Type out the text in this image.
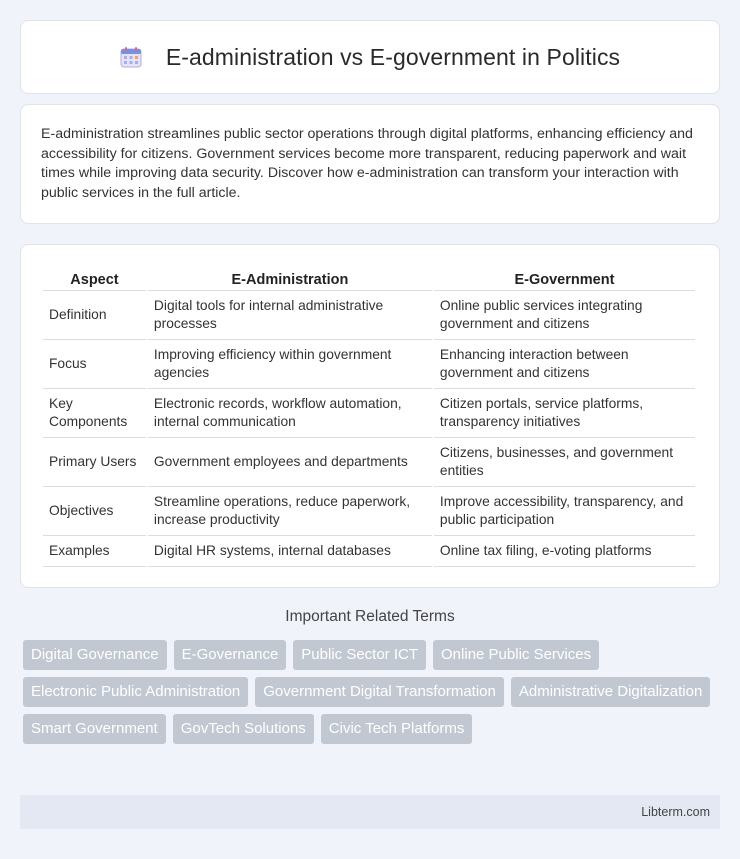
E-administration vs E-government in Politics

E-administration streamlines public sector operations through digital platforms, enhancing efficiency and accessibility for citizens. Government services become more transparent, reducing paperwork and wait times while improving data security. Discover how e-administration can transform your interaction with public services in the full article.

Aspect	E-Administration	E-Government
Definition	Digital tools for internal administrative processes	Online public services integrating government and citizens
Focus	Improving efficiency within government agencies	Enhancing interaction between government and citizens
Key Components	Electronic records, workflow automation, internal communication	Citizen portals, service platforms, transparency initiatives
Primary Users	Government employees and departments	Citizens, businesses, and government entities
Objectives	Streamline operations, reduce paperwork, increase productivity	Improve accessibility, transparency, and public participation
Examples	Digital HR systems, internal databases	Online tax filing, e-voting platforms
Important Related Terms
Digital Governance	E-Governance	Public Sector ICT	Online Public Services
Electronic Public Administration	Government Digital Transformation	Administrative Digitalization
Smart Government	GovTech Solutions	Civic Tech Platforms
Libterm.com
